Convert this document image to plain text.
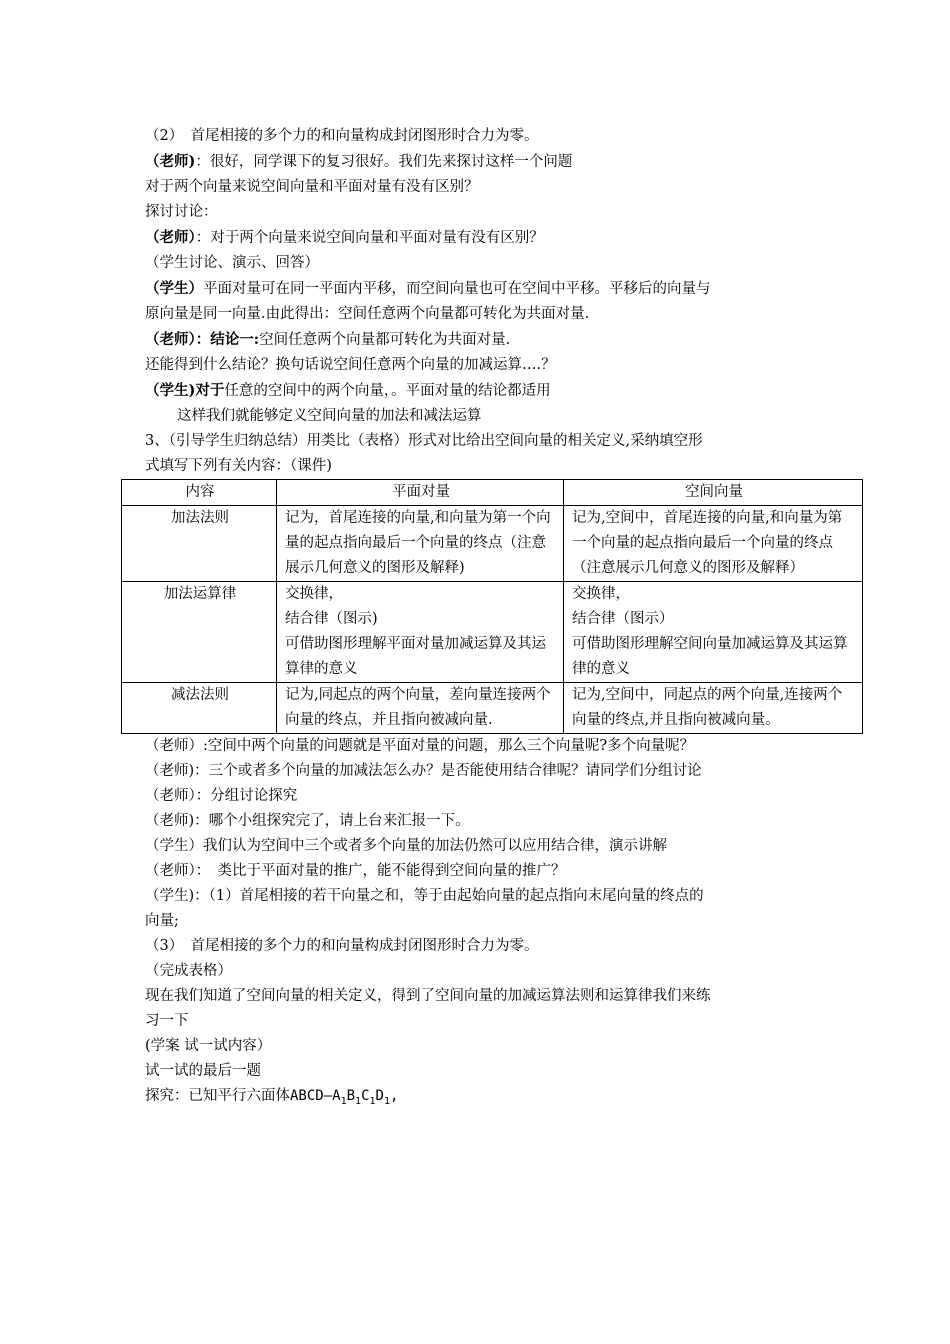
（2）　首尾相接的多个力的和向量构成封闭图形时合力为零。

（老师)：很好，同学课下的复习很好。我们先来探讨这样一个问题

对于两个向量来说空间向量和平面对量有没有区别？

探讨讨论：

（老师）：对于两个向量来说空间向量和平面对量有没有区别？

（学生讨论、演示、回答）

（学生）平面对量可在同一平面内平移，而空间向量也可在空间中平移。平移后的向量与

原向量是同一向量.由此得出：空间任意两个向量都可转化为共面对量.

（老师）：结论一:空间任意两个向量都可转化为共面对量.

还能得到什么结论？换句话说空间任意两个向量的加减运算….？

（学生)对于任意的空间中的两个向量，。平面对量的结论都适用

这样我们就能够定义空间向量的加法和减法运算

3、（引导学生归纳总结）用类比（表格）形式对比给出空间向量的相关定义,采纳填空形

式填写下列有关内容：（课件)

内容	平面对量	空间向量
加法法则	记为，首尾连接的向量,和向量为第一个向量的起点指向最后一个向量的终点（注意展示几何意义的图形及解释)	记为,空间中，首尾连接的向量,和向量为第一个向量的起点指向最后一个向量的终点（注意展示几何意义的图形及解释）
加法运算律	交换律，
结合律（图示)
可借助图形理解平面对量加减运算及其运算律的意义	交换律，
结合律（图示）
可借助图形理解空间向量加减运算及其运算律的意义
减法法则	记为,同起点的两个向量，差向量连接两个向量的终点，并且指向被减向量.	记为,空间中，同起点的两个向量,连接两个向量的终点,并且指向被减向量。

（老师）:空间中两个向量的问题就是平面对量的问题，那么三个向量呢?多个向量呢？

（老师)：三个或者多个向量的加减法怎么办？是否能使用结合律呢？请同学们分组讨论

（老师）：分组讨论探究

（老师)：哪个小组探究完了，请上台来汇报一下。

（学生）我们认为空间中三个或者多个向量的加法仍然可以应用结合律，演示讲解

（老师）：　类比于平面对量的推广，能不能得到空间向量的推广？

（学生)：（1）首尾相接的若干向量之和，等于由起始向量的起点指向末尾向量的终点的

向量;

（3）　首尾相接的多个力的和向量构成封闭图形时合力为零。

（完成表格）

现在我们知道了空间向量的相关定义，得到了空间向量的加减运算法则和运算律我们来练

习一下

(学案 试一试内容）

试一试的最后一题

探究：已知平行六面体$ABCD—A_1B_1C_1D_1$,
